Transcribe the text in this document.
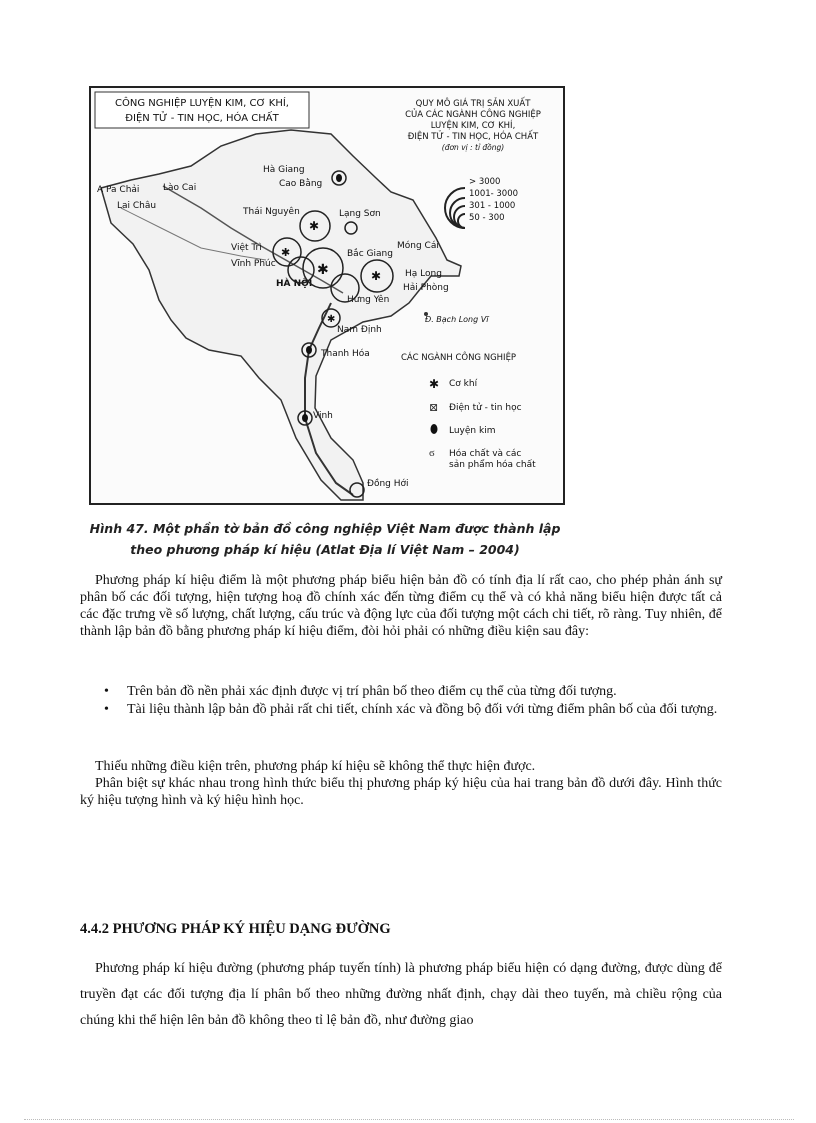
CÔNG NGHIỆP LUYỆN KIM, CƠ KHÍ,
ĐIỆN TỬ - TIN HỌC, HÓA CHẤT
Hà Giang
Cao Bằng
A Pa Chải	Lào Cai
Lai Châu
Thái Nguyên	Lạng Sơn
Việt Trì
Vĩnh Phúc
Bắc Giang
Móng Cái
Hạ Long
Hải Phòng
HÀ NỘI
Hưng Yên
Nam Định
Đ. Bạch Long Vĩ
Thanh Hóa
Vinh
Đồng Hới
✱
✱	✱
✱
✱
QUY MÔ GIÁ TRỊ SẢN XUẤT
CỦA CÁC NGÀNH CÔNG NGHIỆP
LUYỆN KIM, CƠ KHÍ,
ĐIỆN TỬ - TIN HỌC, HÓA CHẤT
(đơn vị : tỉ đồng)
> 3000
1001- 3000
301 - 1000
50 - 300
CÁC NGÀNH CÔNG NGHIỆP
✱ Cơ khí
⊠ Điện tử - tin học
Luyện kim
ϭ Hóa chất và các
sản phẩm hóa chất
Hình 47. Một phần tờ bản đồ công nghiệp Việt Nam được thành lập
theo phương pháp kí hiệu (Atlat Địa lí Việt Nam – 2004)

Phương pháp kí hiệu điểm là một phương pháp biểu hiện bản đồ có tính địa lí rất cao, cho phép phản ánh sự phân bố các đối tượng, hiện tượng hoạ đồ chính xác đến từng điểm cụ thể và có khả năng biểu hiện được tất cả các đặc trưng về số lượng, chất lượng, cấu trúc và động lực của đối tượng một cách chi tiết, rõ ràng. Tuy nhiên, để thành lập bản đồ bằng phương pháp kí hiệu điểm, đòi hỏi phải có những điều kiện sau đây:

• Trên bản đồ nền phải xác định được vị trí phân bố theo điểm cụ thể của từng đối tượng.
• Tài liệu thành lập bản đồ phải rất chi tiết, chính xác và đồng bộ đối với từng điểm phân bố của đối tượng.

Thiếu những điều kiện trên, phương pháp kí hiệu sẽ không thể thực hiện được.

Phân biệt sự khác nhau trong hình thức biểu thị phương pháp ký hiệu của hai trang bản đồ dưới đây. Hình thức ký hiệu tượng hình và ký hiệu hình học.

4.4.2 PHƯƠNG PHÁP KÝ HIỆU DẠNG ĐƯỜNG

Phương pháp kí hiệu đường (phương pháp tuyến tính) là phương pháp biểu hiện có dạng đường, được dùng để truyền đạt các đối tượng địa lí phân bố theo những đường nhất định, chạy dài theo tuyến, mà chiều rộng của chúng khi thể hiện lên bản đồ không theo tỉ lệ bản đồ, như đường giao
